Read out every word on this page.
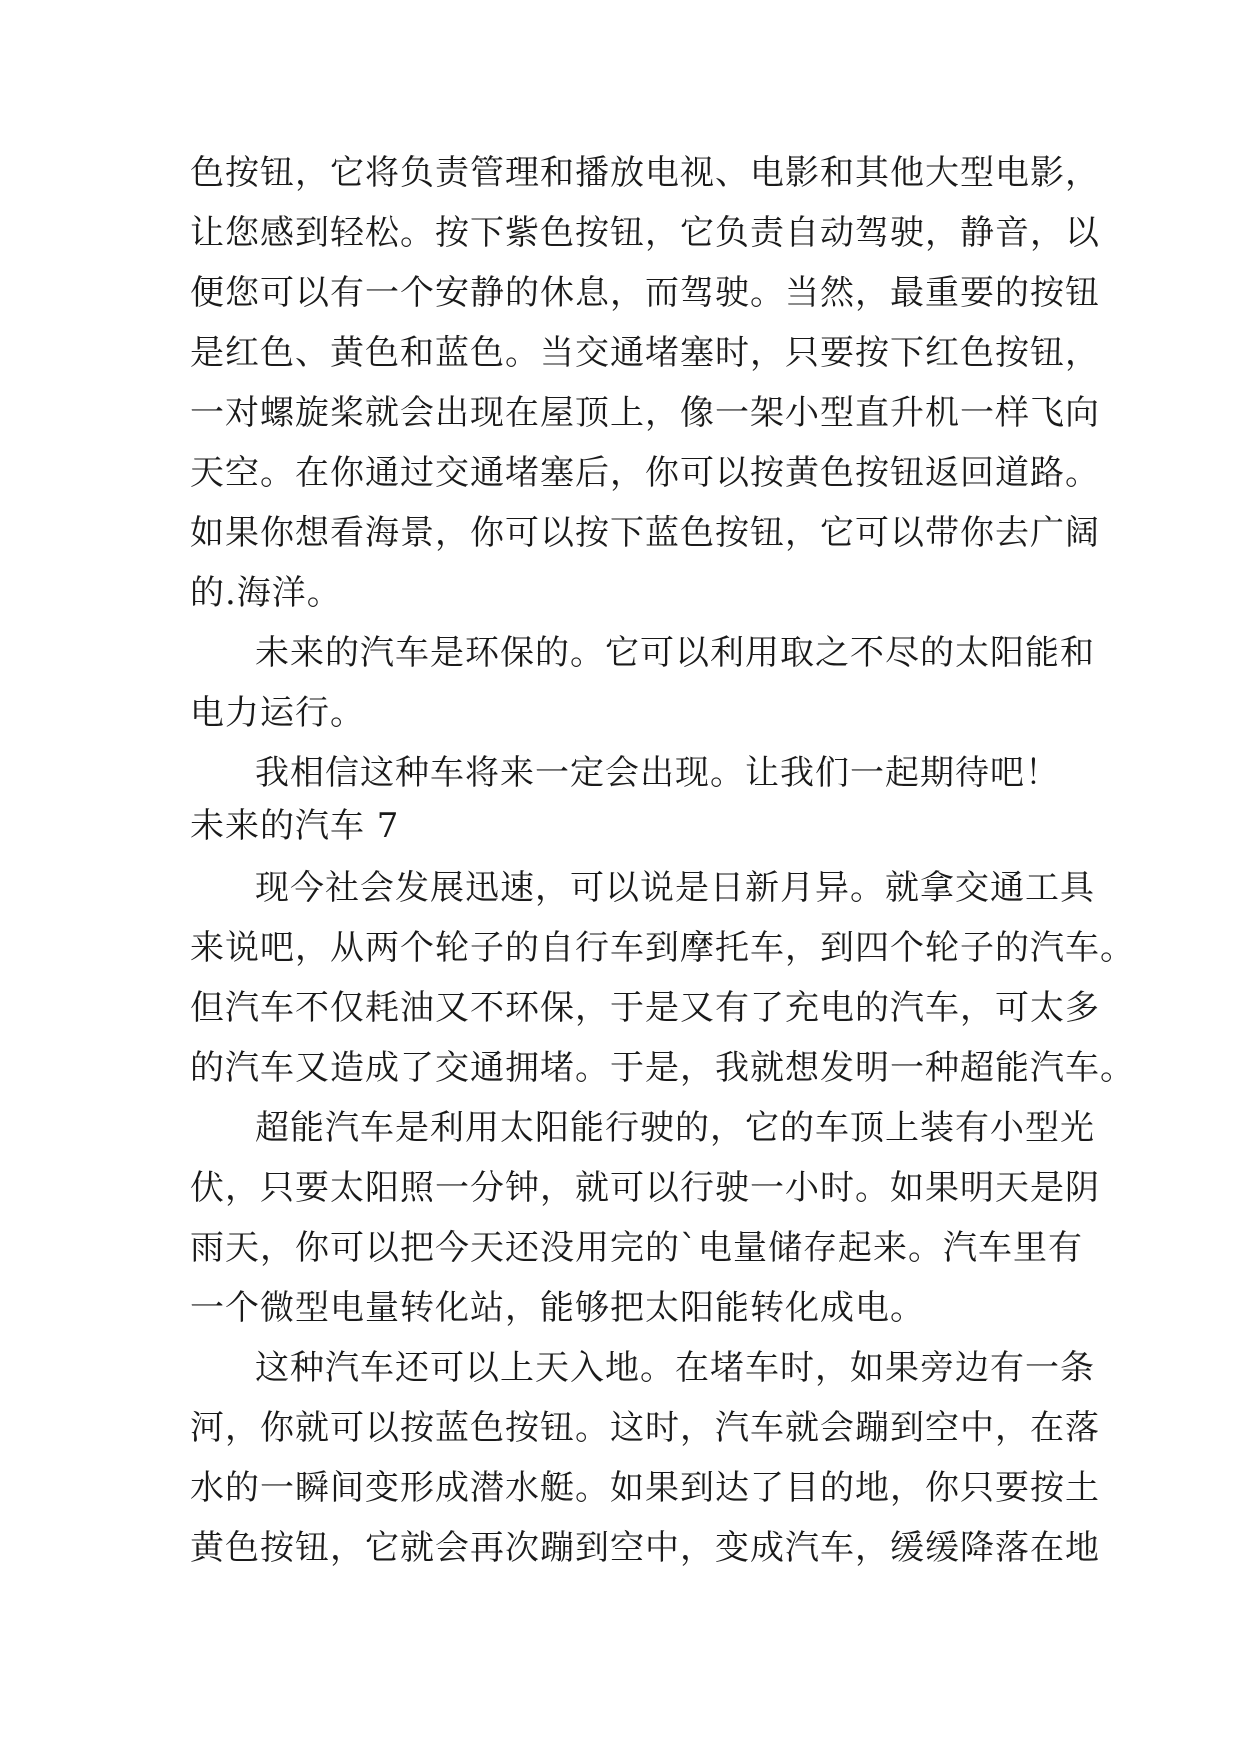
色按钮，它将负责管理和播放电视、电影和其他大型电影，
让您感到轻松。按下紫色按钮，它负责自动驾驶，静音，以
便您可以有一个安静的休息，而驾驶。当然，最重要的按钮
是红色、黄色和蓝色。当交通堵塞时，只要按下红色按钮，
一对螺旋桨就会出现在屋顶上，像一架小型直升机一样飞向
天空。在你通过交通堵塞后，你可以按黄色按钮返回道路。
如果你想看海景，你可以按下蓝色按钮，它可以带你去广阔
的.海洋。
未来的汽车是环保的。它可以利用取之不尽的太阳能和
电力运行。
我相信这种车将来一定会出现。让我们一起期待吧！
未来的汽车 7
现今社会发展迅速，可以说是日新月异。就拿交通工具
来说吧，从两个轮子的自行车到摩托车，到四个轮子的汽车。
但汽车不仅耗油又不环保，于是又有了充电的汽车，可太多
的汽车又造成了交通拥堵。于是，我就想发明一种超能汽车。
超能汽车是利用太阳能行驶的，它的车顶上装有小型光
伏，只要太阳照一分钟，就可以行驶一小时。如果明天是阴
雨天，你可以把今天还没用完的`电量储存起来。汽车里有
一个微型电量转化站，能够把太阳能转化成电。
这种汽车还可以上天入地。在堵车时，如果旁边有一条
河，你就可以按蓝色按钮。这时，汽车就会蹦到空中，在落
水的一瞬间变形成潜水艇。如果到达了目的地，你只要按土
黄色按钮，它就会再次蹦到空中，变成汽车，缓缓降落在地
